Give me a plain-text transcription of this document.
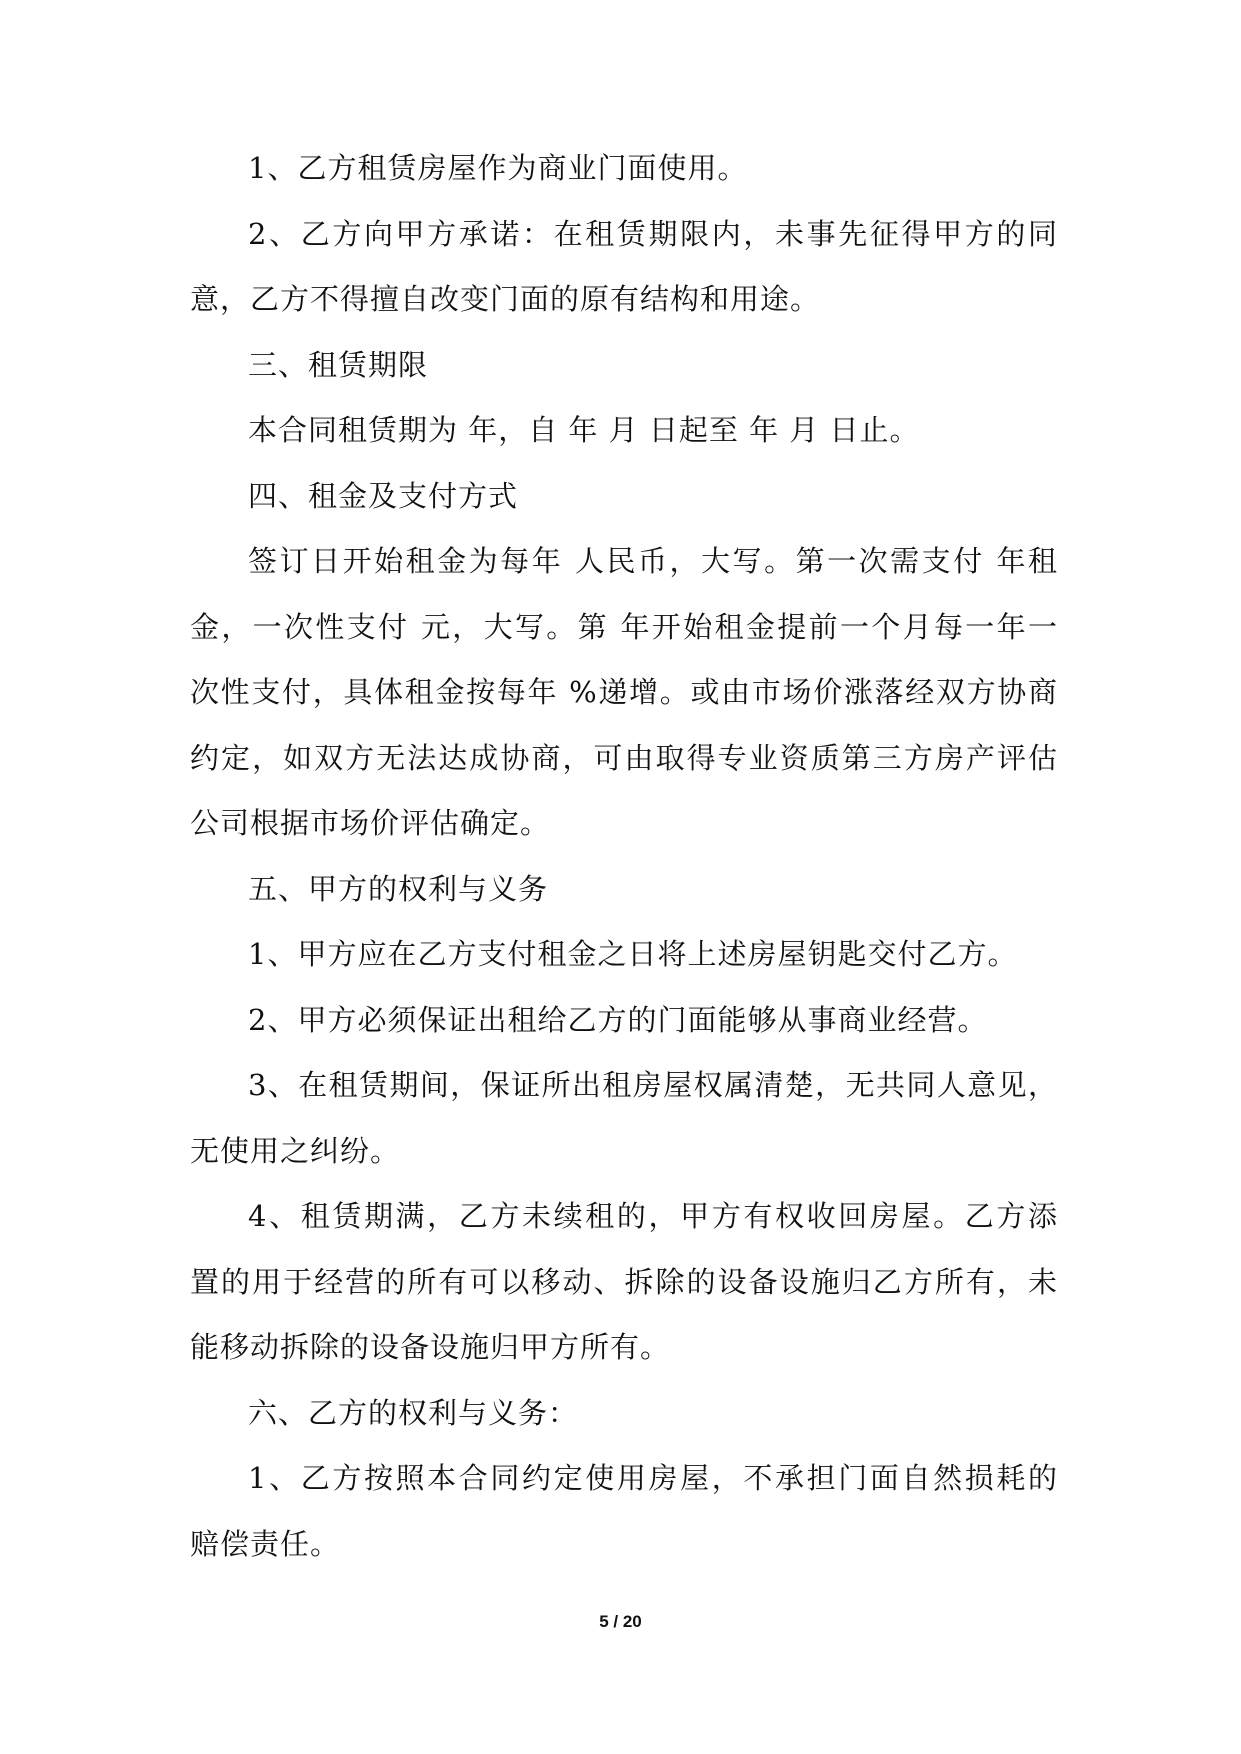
1、乙方租赁房屋作为商业门面使用。
2、乙方向甲方承诺：在租赁期限内，未事先征得甲方的同
意，乙方不得擅自改变门面的原有结构和用途。
三、租赁期限
本合同租赁期为 年，自 年 月 日起至 年 月 日止。
四、租金及支付方式
签订日开始租金为每年 人民币，大写。第一次需支付 年租
金，一次性支付 元，大写。第 年开始租金提前一个月每一年一
次性支付，具体租金按每年 %递增。或由市场价涨落经双方协商
约定，如双方无法达成协商，可由取得专业资质第三方房产评估
公司根据市场价评估确定。
五、甲方的权利与义务
1、甲方应在乙方支付租金之日将上述房屋钥匙交付乙方。
2、甲方必须保证出租给乙方的门面能够从事商业经营。
3、在租赁期间，保证所出租房屋权属清楚，无共同人意见，
无使用之纠纷。
4、租赁期满，乙方未续租的，甲方有权收回房屋。乙方添
置的用于经营的所有可以移动、拆除的设备设施归乙方所有，未
能移动拆除的设备设施归甲方所有。
六、乙方的权利与义务：
1、乙方按照本合同约定使用房屋，不承担门面自然损耗的
赔偿责任。
5 / 20
